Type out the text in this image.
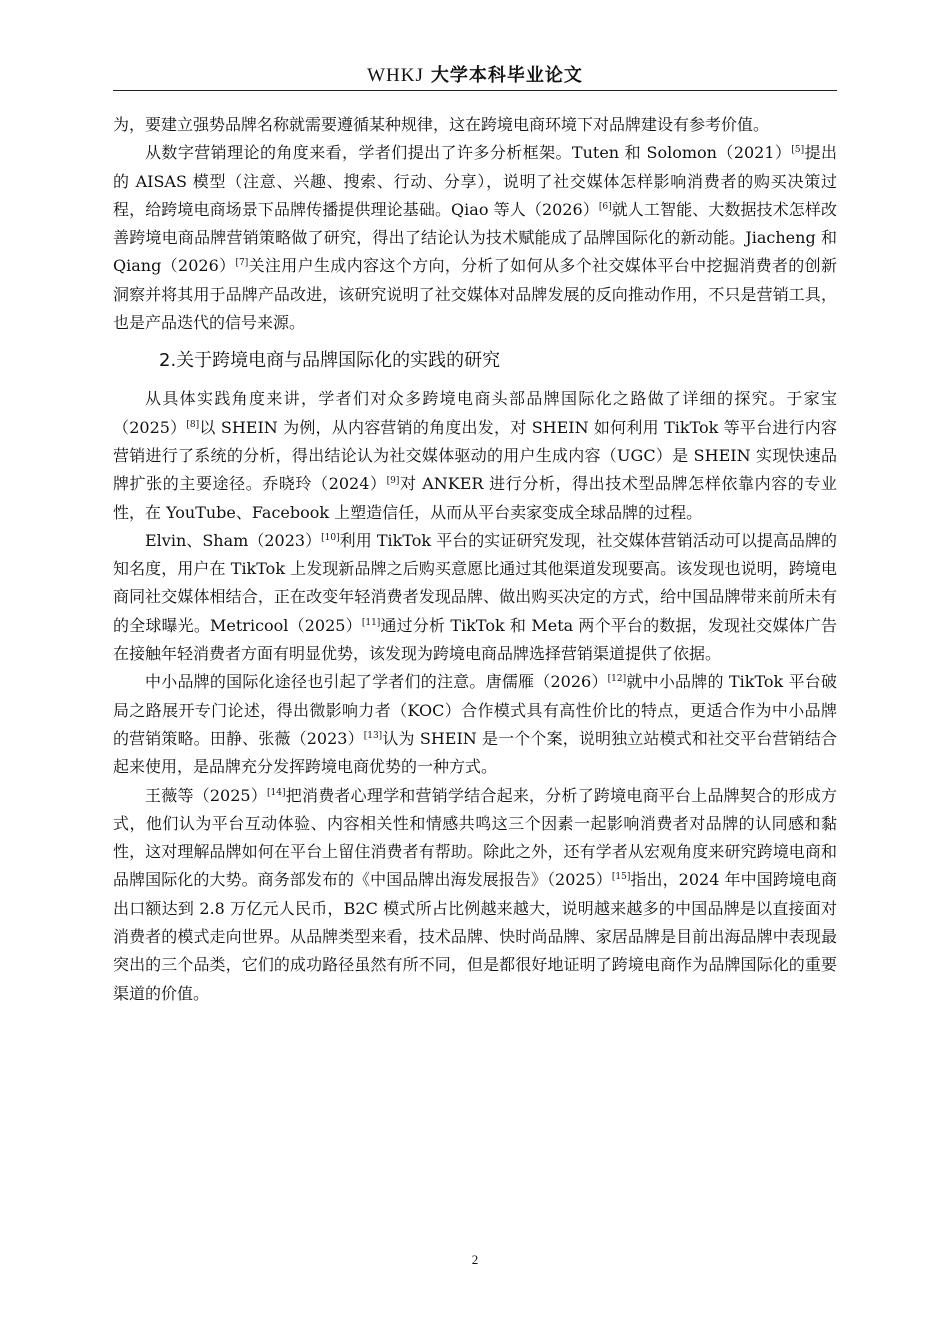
WHKJ 大学本科毕业论文

为，要建立强势品牌名称就需要遵循某种规律，这在跨境电商环境下对品牌建设有参考价值。

从数字营销理论的角度来看，学者们提出了许多分析框架。Tuten 和 Solomon（2021）[5]提出的 AISAS 模型（注意、兴趣、搜索、行动、分享），说明了社交媒体怎样影响消费者的购买决策过程，给跨境电商场景下品牌传播提供理论基础。Qiao 等人（2026）[6]就人工智能、大数据技术怎样改善跨境电商品牌营销策略做了研究，得出了结论认为技术赋能成了品牌国际化的新动能。Jiacheng 和 Qiang（2026）[7]关注用户生成内容这个方向，分析了如何从多个社交媒体平台中挖掘消费者的创新洞察并将其用于品牌产品改进，该研究说明了社交媒体对品牌发展的反向推动作用，不只是营销工具，也是产品迭代的信号来源。

2.关于跨境电商与品牌国际化的实践的研究

从具体实践角度来讲，学者们对众多跨境电商头部品牌国际化之路做了详细的探究。于家宝（2025）[8]以 SHEIN 为例，从内容营销的角度出发，对 SHEIN 如何利用 TikTok 等平台进行内容营销进行了系统的分析，得出结论认为社交媒体驱动的用户生成内容（UGC）是 SHEIN 实现快速品牌扩张的主要途径。乔晓玲（2024）[9]对 ANKER 进行分析，得出技术型品牌怎样依靠内容的专业性，在 YouTube、Facebook 上塑造信任，从而从平台卖家变成全球品牌的过程。

Elvin、Sham（2023）[10]利用 TikTok 平台的实证研究发现，社交媒体营销活动可以提高品牌的知名度，用户在 TikTok 上发现新品牌之后购买意愿比通过其他渠道发现要高。该发现也说明，跨境电商同社交媒体相结合，正在改变年轻消费者发现品牌、做出购买决定的方式，给中国品牌带来前所未有的全球曝光。Metricool（2025）[11]通过分析 TikTok 和 Meta 两个平台的数据，发现社交媒体广告在接触年轻消费者方面有明显优势，该发现为跨境电商品牌选择营销渠道提供了依据。

中小品牌的国际化途径也引起了学者们的注意。唐儒雁（2026）[12]就中小品牌的 TikTok 平台破局之路展开专门论述，得出微影响力者（KOC）合作模式具有高性价比的特点，更适合作为中小品牌的营销策略。田静、张薇（2023）[13]认为 SHEIN 是一个个案，说明独立站模式和社交平台营销结合起来使用，是品牌充分发挥跨境电商优势的一种方式。

王薇等（2025）[14]把消费者心理学和营销学结合起来，分析了跨境电商平台上品牌契合的形成方式，他们认为平台互动体验、内容相关性和情感共鸣这三个因素一起影响消费者对品牌的认同感和黏性，这对理解品牌如何在平台上留住消费者有帮助。除此之外，还有学者从宏观角度来研究跨境电商和品牌国际化的大势。商务部发布的《中国品牌出海发展报告》（2025）[15]指出，2024 年中国跨境电商出口额达到 2.8 万亿元人民币，B2C 模式所占比例越来越大，说明越来越多的中国品牌是以直接面对消费者的模式走向世界。从品牌类型来看，技术品牌、快时尚品牌、家居品牌是目前出海品牌中表现最突出的三个品类，它们的成功路径虽然有所不同，但是都很好地证明了跨境电商作为品牌国际化的重要渠道的价值。

2
